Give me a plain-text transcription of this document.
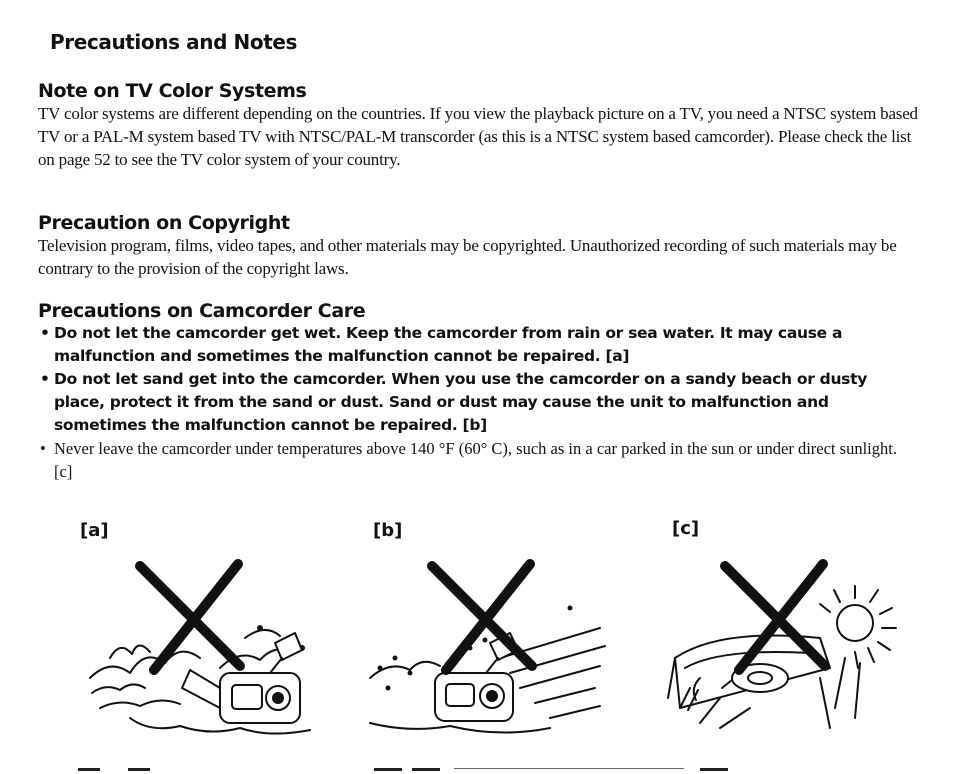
Precautions and Notes
Note on TV Color Systems

TV color systems are different depending on the countries. If you view the playback picture on a TV, you need a NTSC system based TV or a PAL-M system based TV with NTSC/PAL-M transcorder (as this is a NTSC system based camcorder). Please check the list on page 52 to see the TV color system of your country.

Precaution on Copyright

Television program, films, video tapes, and other materials may be copyrighted. Unauthorized recording of such materials may be contrary to the provision of the copyright laws.

Precautions on Camcorder Care
• Do not let the camcorder get wet. Keep the camcorder from rain or sea water. It may cause a malfunction and sometimes the malfunction cannot be repaired. [a]
• Do not let sand get into the camcorder. When you use the camcorder on a sandy beach or dusty place, protect it from the sand or dust. Sand or dust may cause the unit to malfunction and sometimes the malfunction cannot be repaired. [b]
• Never leave the camcorder under temperatures above 140 °F (60° C), such as in a car parked in the sun or under direct sunlight. [c]
[a]	[b]	[c]
